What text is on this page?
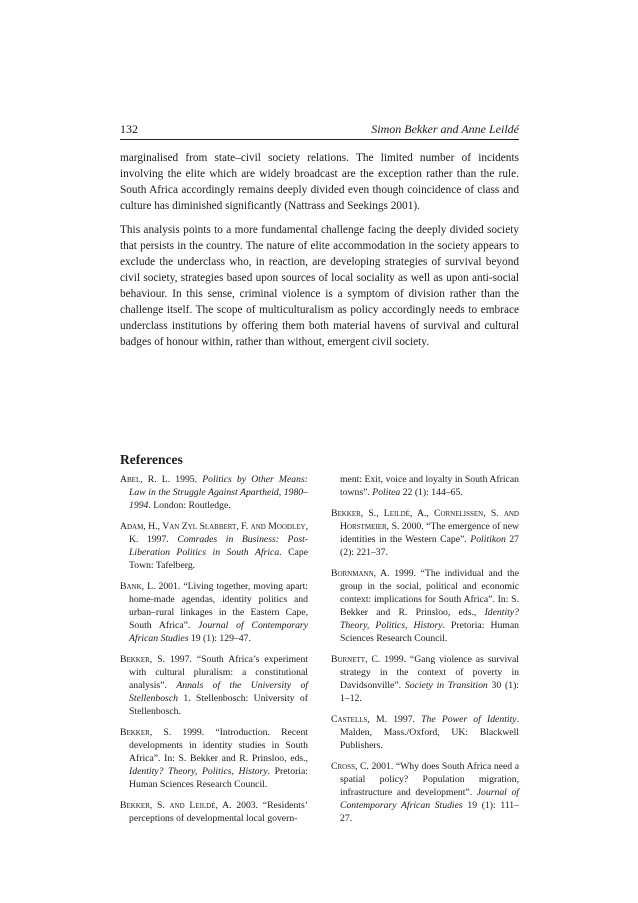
132	Simon Bekker and Anne Leildé

marginalised from state–civil society relations. The limited number of incidents involving the elite which are widely broadcast are the exception rather than the rule. South Africa accordingly remains deeply divided even though coincidence of class and culture has diminished significantly (Nattrass and Seekings 2001).

This analysis points to a more fundamental challenge facing the deeply divided society that persists in the country. The nature of elite accommodation in the society appears to exclude the underclass who, in reaction, are developing strategies of survival beyond civil society, strategies based upon sources of local sociality as well as upon anti-social behaviour. In this sense, criminal violence is a symptom of division rather than the challenge itself. The scope of multiculturalism as policy accordingly needs to embrace underclass institutions by offering them both material havens of survival and cultural badges of honour within, rather than without, emergent civil society.

References

Abel, R. L. 1995. Politics by Other Means: Law in the Struggle Against Apartheid, 1980–1994. London: Routledge.

Adam, H., Van Zyl Slabbert, F. and Moodley, K. 1997. Comrades in Business: Post-Liberation Politics in South Africa. Cape Town: Tafelberg.

Bank, L. 2001. “Living together, moving apart: home-made agendas, identity politics and urban–rural linkages in the Eastern Cape, South Africa”. Journal of Contemporary African Studies 19 (1): 129–47.

Bekker, S. 1997. “South Africa’s experiment with cultural pluralism: a constitutional analysis”. Annals of the University of Stellenbosch 1. Stellenbosch: University of Stellenbosch.

Bekker, S. 1999. “Introduction. Recent developments in identity studies in South Africa”. In: S. Bekker and R. Prinsloo, eds., Identity? Theory, Politics, History. Pretoria: Human Sciences Research Council.

Bekker, S. and Leildé, A. 2003. “Residents’ perceptions of developmental local govern-

ment: Exit, voice and loyalty in South African towns”. Politea 22 (1): 144–65.

Bekker, S., Leildé, A., Cornelissen, S. and Horstmeier, S. 2000. “The emergence of new identities in the Western Cape”. Politikon 27 (2): 221–37.

Bornmann, A. 1999. “The individual and the group in the social, political and economic context: implications for South Africa”. In: S. Bekker and R. Prinsloo, eds., Identity? Theory, Politics, History. Pretoria: Human Sciences Research Council.

Burnett, C. 1999. “Gang violence as survival strategy in the context of poverty in Davidsonville”. Society in Transition 30 (1): 1–12.

Castells, M. 1997. The Power of Identity. Malden, Mass./Oxford, UK: Blackwell Publishers.

Cross, C. 2001. “Why does South Africa need a spatial policy? Population migration, infrastructure and development”. Journal of Contemporary African Studies 19 (1): 111–27.
